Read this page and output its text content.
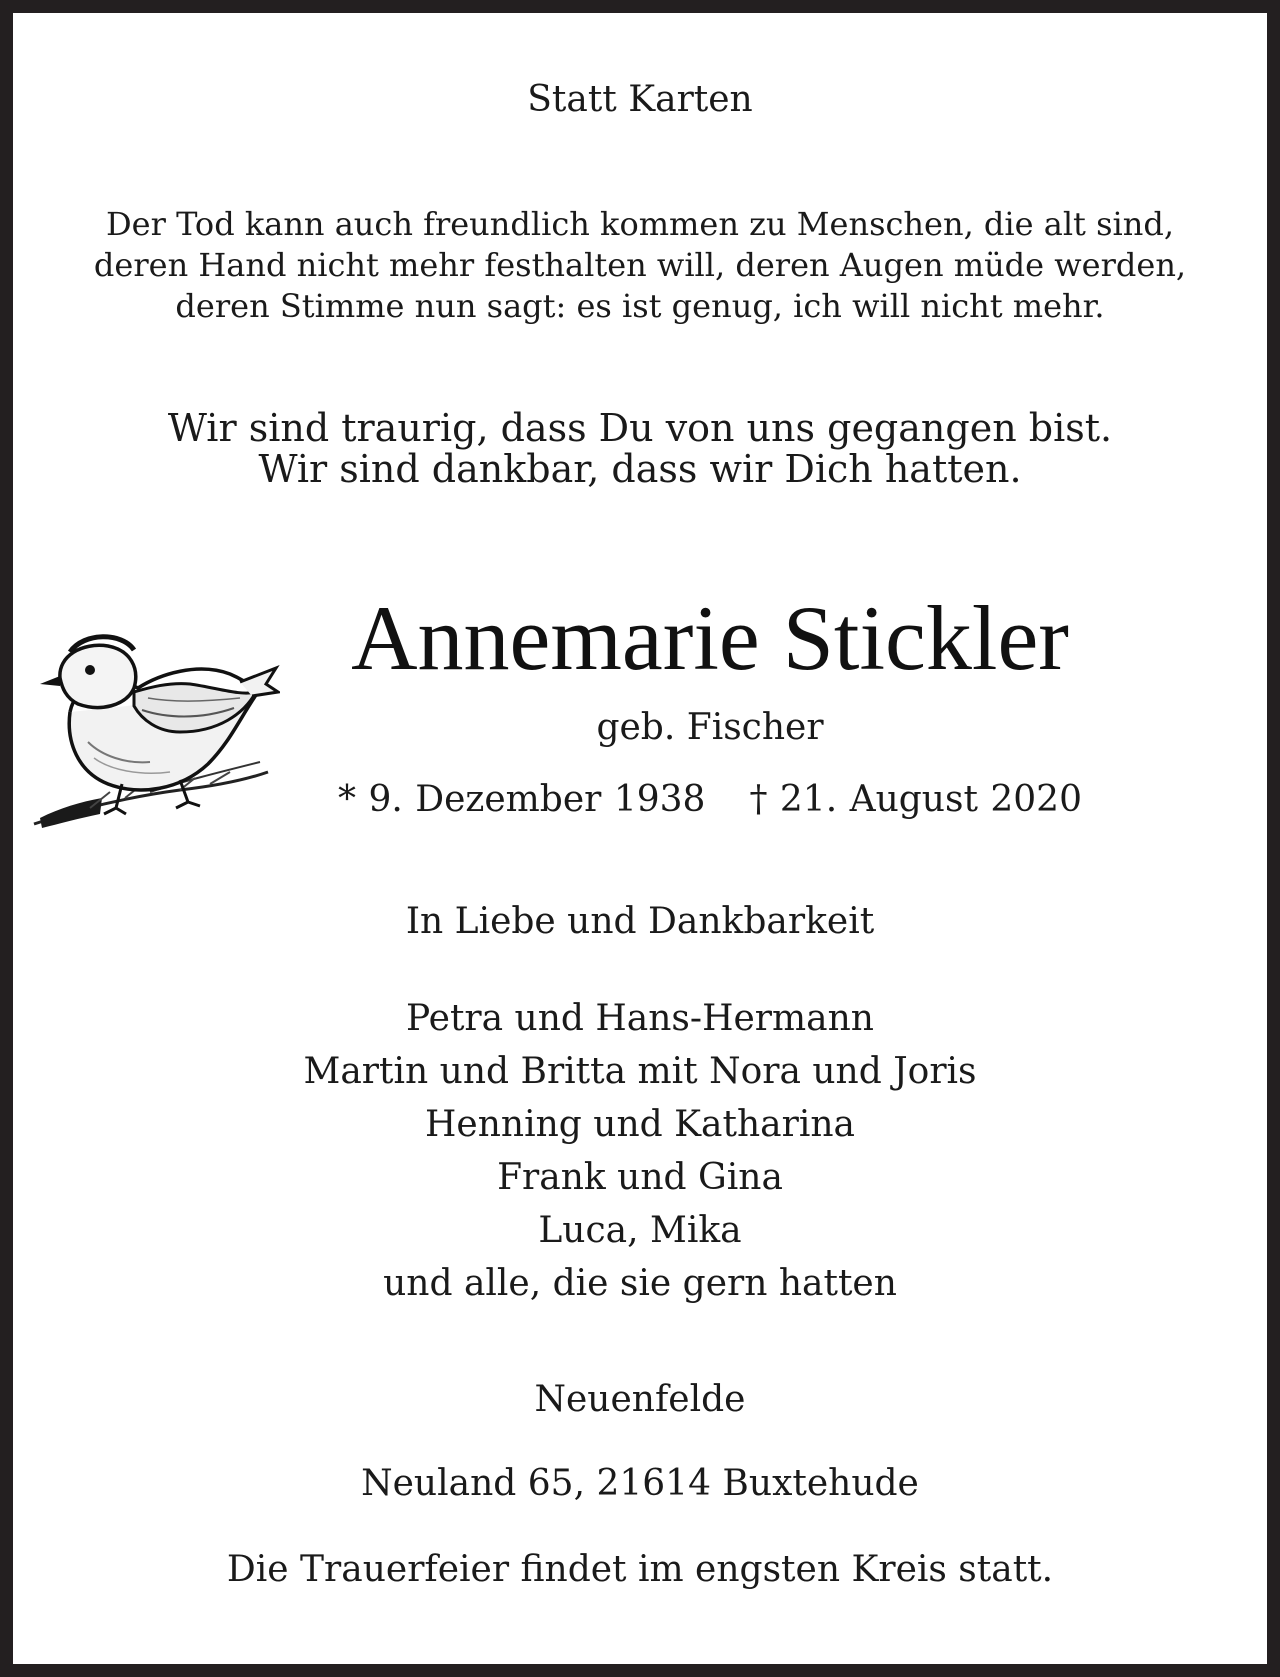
Statt Karten

Der Tod kann auch freundlich kommen zu Menschen, die alt sind,
deren Hand nicht mehr festhalten will, deren Augen müde werden,
deren Stimme nun sagt: es ist genug, ich will nicht mehr.

Wir sind traurig, dass Du von uns gegangen bist.
Wir sind dankbar, dass wir Dich hatten.

Annemarie Stickler

geb. Fischer

* 9. Dezember 1938 † 21. August 2020

In Liebe und Dankbarkeit

Petra und Hans-Hermann
Martin und Britta mit Nora und Joris
Henning und Katharina
Frank und Gina
Luca, Mika
und alle, die sie gern hatten

Neuenfelde

Neuland 65, 21614 Buxtehude

Die Trauerfeier findet im engsten Kreis statt.
